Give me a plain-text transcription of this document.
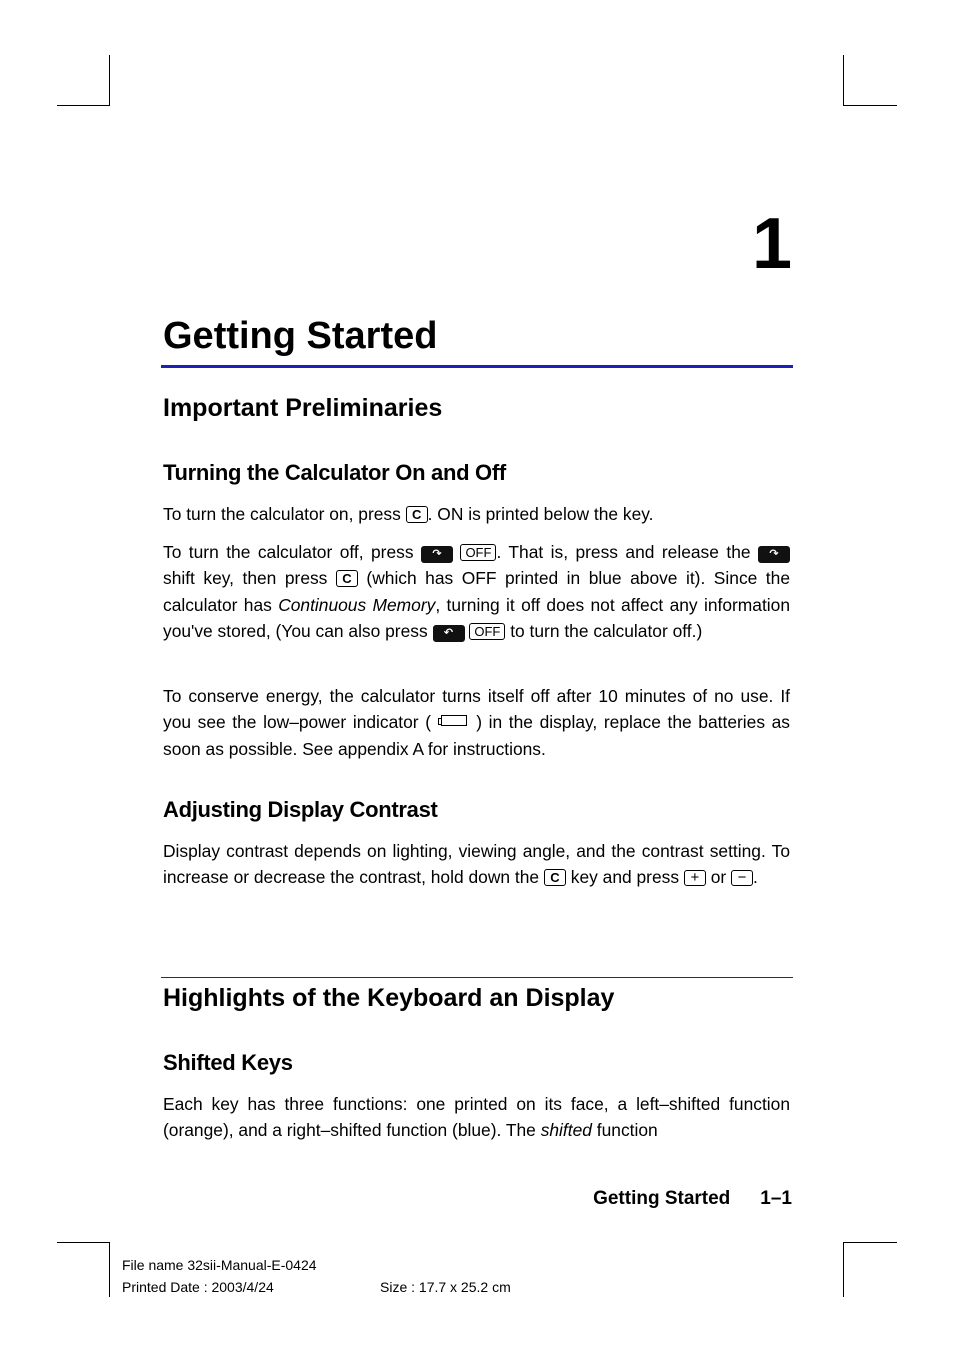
1
Getting Started
Important Preliminaries
Turning the Calculator On and Off

To turn the calculator on, press C . ON is printed below the key.

To turn the calculator off, press ↷ OFF . That is, press and release the ↷ shift key, then press C (which has OFF printed in blue above it). Since the calculator has Continuous Memory, turning it off does not affect any information you've stored, (You can also press ↶ OFF to turn the calculator off.)

To conserve energy, the calculator turns itself off after 10 minutes of no use. If you see the low–power indicator (	) in the display, replace the batteries as soon as possible. See appendix A for instructions.

Adjusting Display Contrast

Display contrast depends on lighting, viewing angle, and the contrast setting. To increase or decrease the contrast, hold down the C key and press + or − .

Highlights of the Keyboard an Display
Shifted Keys

Each key has three functions: one printed on its face, a left–shifted function (orange), and a right–shifted function (blue). The shifted function

Getting Started 1–1
File name 32sii-Manual-E-0424
Printed Date : 2003/4/24	Size : 17.7 x 25.2 cm
